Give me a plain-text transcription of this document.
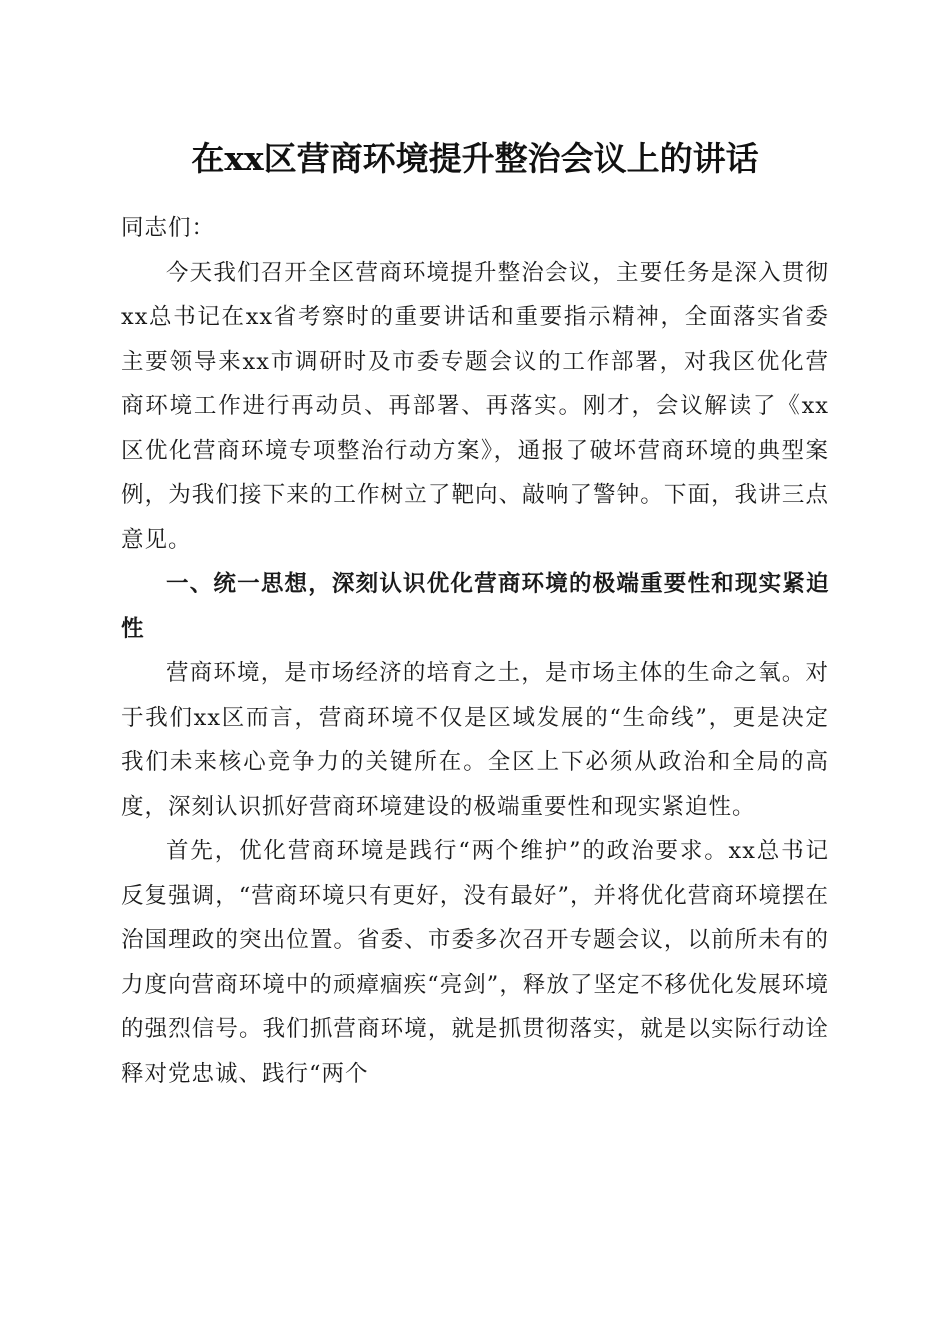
在xx区营商环境提升整治会议上的讲话

同志们：

今天我们召开全区营商环境提升整治会议，主要任务是深入贯彻xx总书记在xx省考察时的重要讲话和重要指示精神，全面落实省委主要领导来xx市调研时及市委专题会议的工作部署，对我区优化营商环境工作进行再动员、再部署、再落实。刚才，会议解读了《xx区优化营商环境专项整治行动方案》，通报了破坏营商环境的典型案例，为我们接下来的工作树立了靶向、敲响了警钟。下面，我讲三点意见。

一、统一思想，深刻认识优化营商环境的极端重要性和现实紧迫性

营商环境，是市场经济的培育之土，是市场主体的生命之氧。对于我们xx区而言，营商环境不仅是区域发展的“生命线”，更是决定我们未来核心竞争力的关键所在。全区上下必须从政治和全局的高度，深刻认识抓好营商环境建设的极端重要性和现实紧迫性。

首先，优化营商环境是践行“两个维护”的政治要求。xx总书记反复强调，“营商环境只有更好，没有最好”，并将优化营商环境摆在治国理政的突出位置。省委、市委多次召开专题会议，以前所未有的力度向营商环境中的顽瘴痼疾“亮剑”，释放了坚定不移优化发展环境的强烈信号。我们抓营商环境，就是抓贯彻落实，就是以实际行动诠释对党忠诚、践行“两个
